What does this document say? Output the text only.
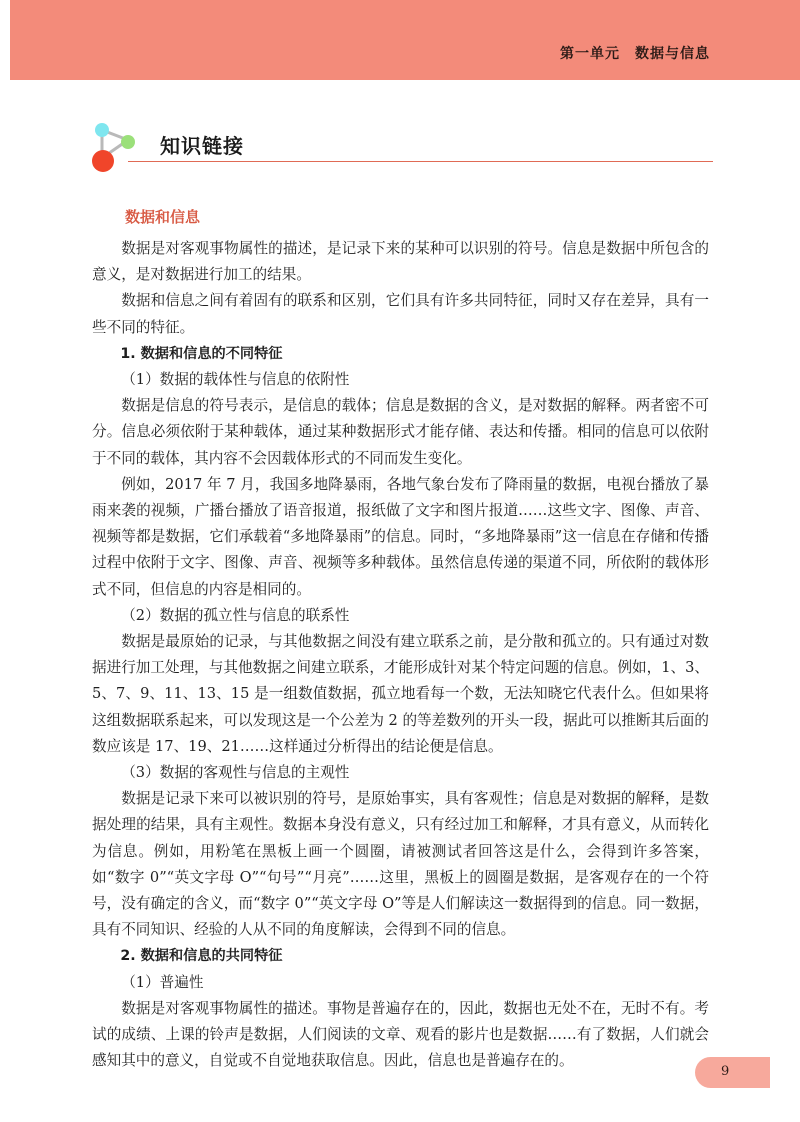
第一单元　数据与信息
知识链接
数据和信息

数据是对客观事物属性的描述，是记录下来的某种可以识别的符号。信息是数据中所包含的意义，是对数据进行加工的结果。

数据和信息之间有着固有的联系和区别，它们具有许多共同特征，同时又存在差异，具有一些不同的特征。

1. 数据和信息的不同特征

（1）数据的载体性与信息的依附性

数据是信息的符号表示，是信息的载体；信息是数据的含义，是对数据的解释。两者密不可分。信息必须依附于某种载体，通过某种数据形式才能存储、表达和传播。相同的信息可以依附于不同的载体，其内容不会因载体形式的不同而发生变化。

例如，2017 年 7 月，我国多地降暴雨，各地气象台发布了降雨量的数据，电视台播放了暴雨来袭的视频，广播台播放了语音报道，报纸做了文字和图片报道……这些文字、图像、声音、视频等都是数据，它们承载着“多地降暴雨”的信息。同时，“多地降暴雨”这一信息在存储和传播过程中依附于文字、图像、声音、视频等多种载体。虽然信息传递的渠道不同，所依附的载体形式不同，但信息的内容是相同的。

（2）数据的孤立性与信息的联系性

数据是最原始的记录，与其他数据之间没有建立联系之前，是分散和孤立的。只有通过对数据进行加工处理，与其他数据之间建立联系，才能形成针对某个特定问题的信息。例如，1、3、5、7、9、11、13、15 是一组数值数据，孤立地看每一个数，无法知晓它代表什么。但如果将这组数据联系起来，可以发现这是一个公差为 2 的等差数列的开头一段，据此可以推断其后面的数应该是 17、19、21……这样通过分析得出的结论便是信息。

（3）数据的客观性与信息的主观性

数据是记录下来可以被识别的符号，是原始事实，具有客观性；信息是对数据的解释，是数据处理的结果，具有主观性。数据本身没有意义，只有经过加工和解释，才具有意义，从而转化为信息。例如，用粉笔在黑板上画一个圆圈，请被测试者回答这是什么，会得到许多答案，如“数字 0”“英文字母 O”“句号”“月亮”……这里，黑板上的圆圈是数据，是客观存在的一个符号，没有确定的含义，而“数字 0”“英文字母 O”等是人们解读这一数据得到的信息。同一数据，具有不同知识、经验的人从不同的角度解读，会得到不同的信息。

2. 数据和信息的共同特征

（1）普遍性

数据是对客观事物属性的描述。事物是普遍存在的，因此，数据也无处不在，无时不有。考试的成绩、上课的铃声是数据，人们阅读的文章、观看的影片也是数据……有了数据，人们就会感知其中的意义，自觉或不自觉地获取信息。因此，信息也是普遍存在的。

9
